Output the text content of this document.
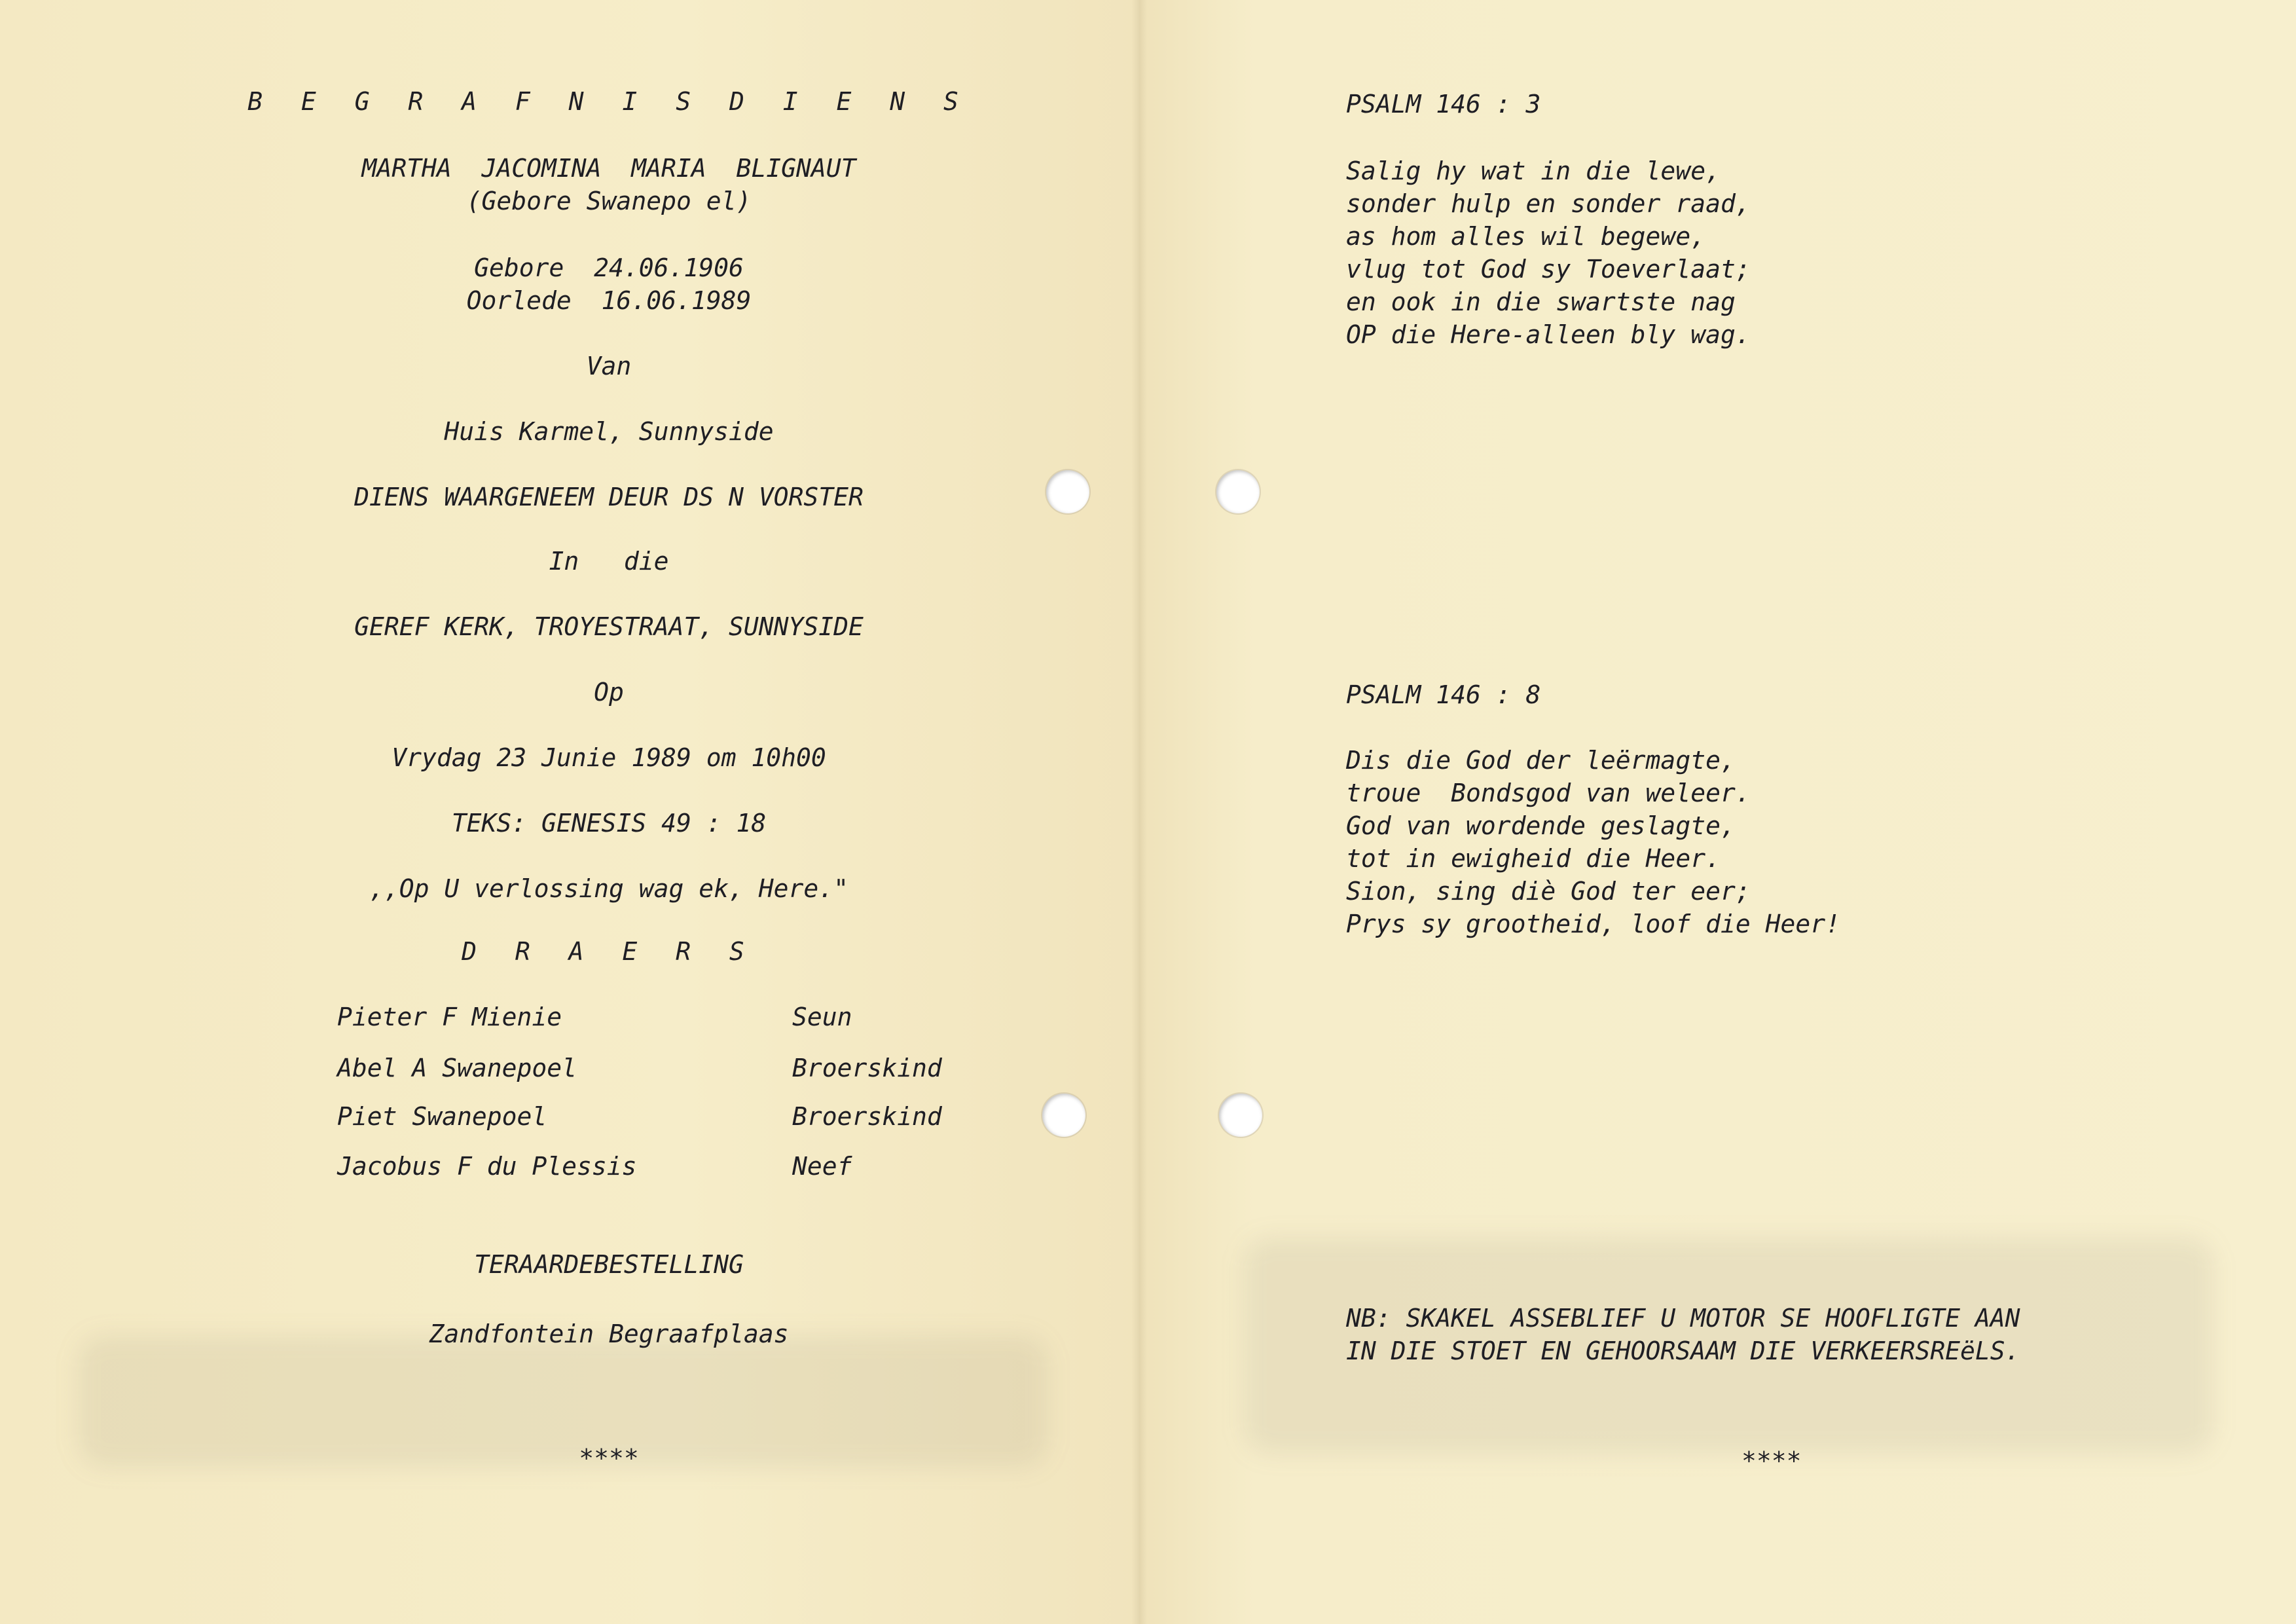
B E G R A F N I S D I E N S
MARTHA  JACOMINA  MARIA  BLIGNAUT
(Gebore Swanepo el)
Gebore  24.06.1906
Oorlede  16.06.1989
Van
Huis Karmel, Sunnyside
DIENS WAARGENEEM DEUR DS N VORSTER
In   die
GEREF KERK, TROYESTRAAT, SUNNYSIDE
Op
Vrydag 23 Junie 1989 om 10h00
TEKS: GENESIS 49 : 18
,,Op U verlossing wag ek, Here."
D R A E R S
Pieter F Mienie	Seun
Abel A Swanepoel	Broerskind
Piet Swanepoel	Broerskind
Jacobus F du Plessis	Neef
TERAARDEBESTELLING
Zandfontein Begraafplaas
****
PSALM 146 : 3
Salig hy wat in die lewe,
sonder hulp en sonder raad,
as hom alles wil begewe,
vlug tot God sy Toeverlaat;
en ook in die swartste nag
OP die Here-alleen bly wag.
PSALM 146 : 8
Dis die God der leërmagte,
troue  Bondsgod van weleer.
God van wordende geslagte,
tot in ewigheid die Heer.
Sion, sing diè God ter eer;
Prys sy grootheid, loof die Heer!
NB: SKAKEL ASSEBLIEF U MOTOR SE HOOFLIGTE AAN
IN DIE STOET EN GEHOORSAAM DIE VERKEERSREëLS.
****
